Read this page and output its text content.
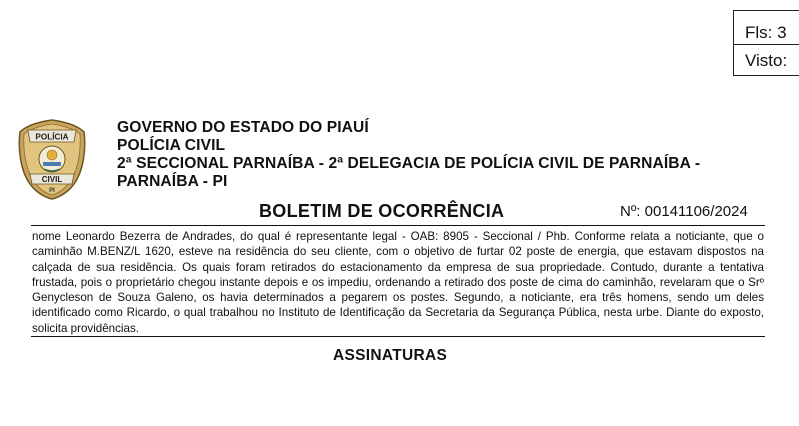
Fls: 3
Visto:
POLÍCIA
CIVIL
PI
GOVERNO DO ESTADO DO PIAUÍ
POLÍCIA CIVIL
2ª SECCIONAL PARNAÍBA - 2ª DELEGACIA DE POLÍCIA CIVIL DE PARNAÍBA -
PARNAÍBA - PI
BOLETIM DE OCORRÊNCIA	Nº: 00141106/2024
nome Leonardo Bezerra de Andrades, do qual é representante legal - OAB: 8905 - Seccional / Phb. Conforme relata a noticiante, que o caminhão M.BENZ/L 1620, esteve na residência do seu cliente, com o objetivo de furtar 02 poste de energia, que estavam dispostos na calçada de sua residência. Os quais foram retirados do estacionamento da empresa de sua propriedade. Contudo, durante a tentativa frustada, pois o proprietário chegou instante depois e os impediu, ordenando a retirado dos poste de cima do caminhão, revelaram que o Srº Genycleson de Souza Galeno, os havia determinados a pegarem os postes. Segundo, a noticiante, era três homens, sendo um deles identificado como Ricardo, o qual trabalhou no Instituto de Identificação da Secretaria da Segurança Pública, nesta urbe. Diante do exposto, solicita providências.
ASSINATURAS
